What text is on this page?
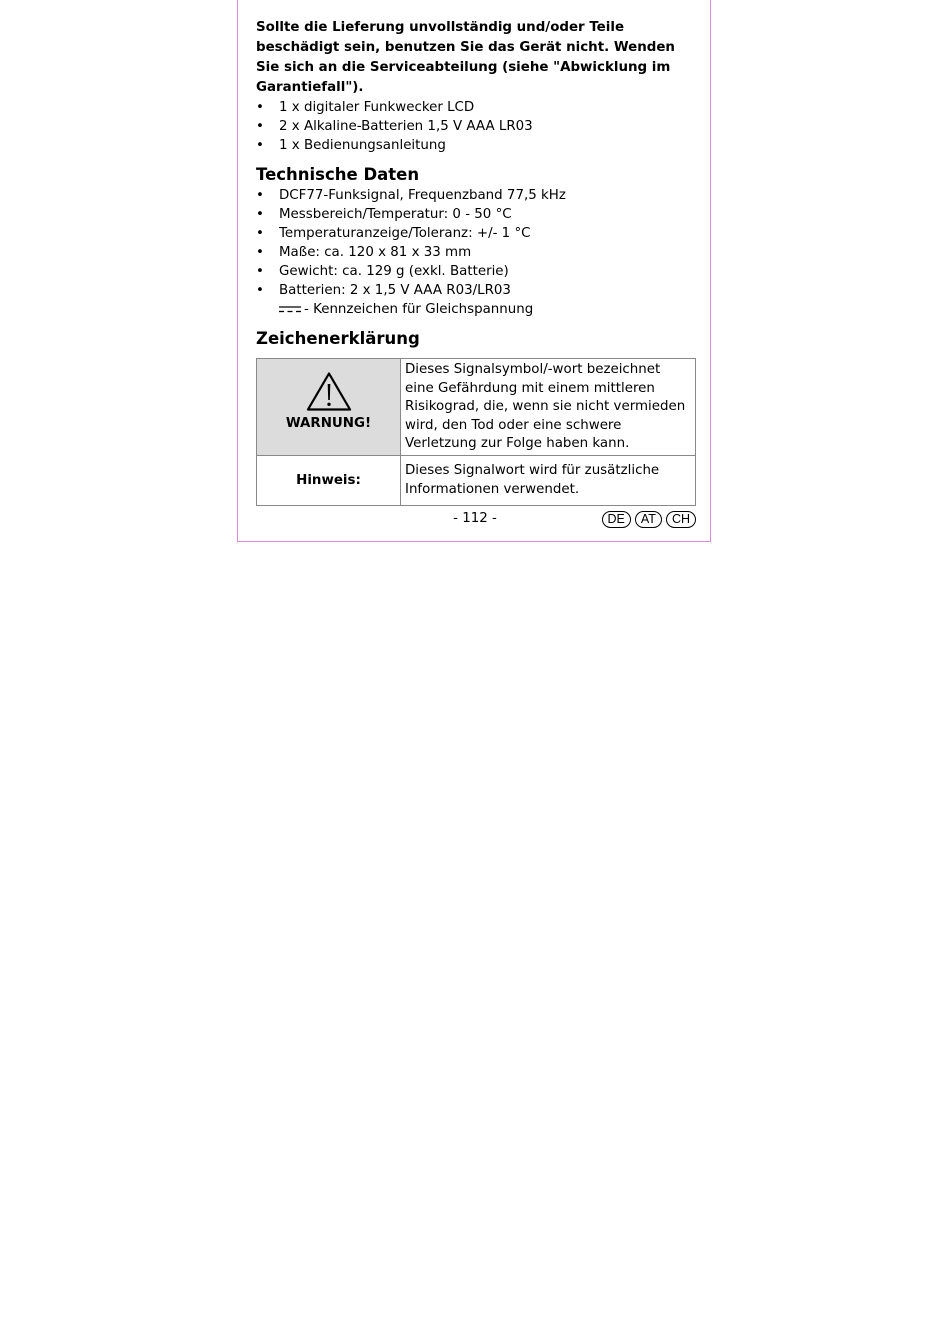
Sollte die Lieferung unvollständig und/oder Teile beschädigt sein, benutzen Sie das Gerät nicht. Wenden Sie sich an die Serviceabteilung (siehe "Abwicklung im Garantiefall").

• 1 x digitaler Funkwecker LCD
• 2 x Alkaline-Batterien 1,5 V AAA LR03
• 1 x Bedienungsanleitung
Technische Daten
• DCF77-Funksignal, Frequenzband 77,5 kHz
• Messbereich/Temperatur: 0 - 50 °C
• Temperaturanzeige/Toleranz: +/- 1 °C
• Maße: ca. 120 x 81 x 33 mm
• Gewicht: ca. 129 g (exkl. Batterie)
• Batterien: 2 x 1,5 V AAA R03/LR03
- Kennzeichen für Gleichspannung
Zeichenerklärung
WARNUNG!	Dieses Signalsymbol/-wort bezeichnet eine Gefährdung mit einem mittleren Risikograd, die, wenn sie nicht vermieden wird, den Tod oder eine schwere Verletzung zur Folge haben kann.
Hinweis:	Dieses Signalwort wird für zusätzliche Informationen verwendet.
- 112 -	DE	AT	CH
